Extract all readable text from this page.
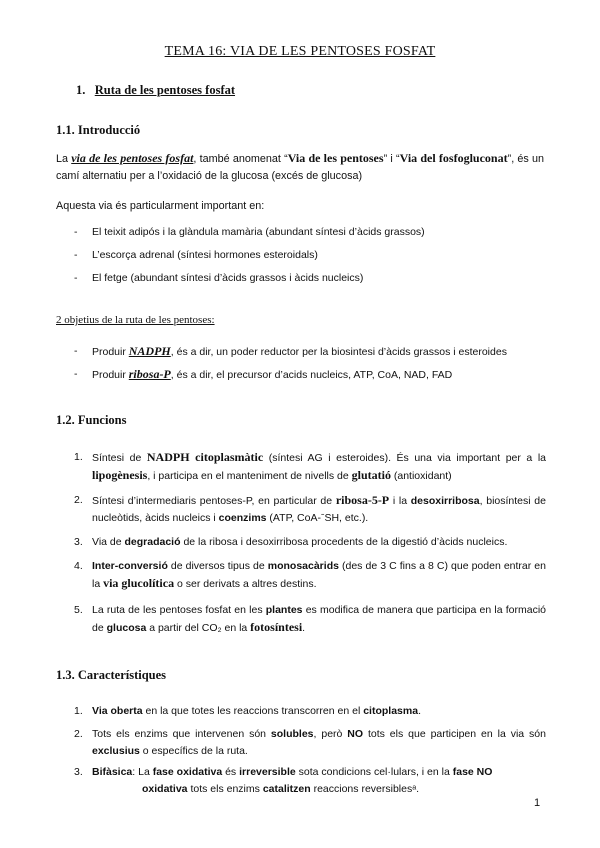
TEMA 16: VIA DE LES PENTOSES FOSFAT
1. Ruta de les pentoses fosfat
1.1. Introducció
La via de les pentoses fosfat, també anomenat “Via de les pentoses” i “Via del fosfogluconat”, és un camí alternatiu per a l’oxidació de la glucosa (excés de glucosa)
Aquesta via és particularment important en:
- El teixit adipós i la glàndula mamària (abundant síntesi d’àcids grassos)
- L’escorça adrenal (síntesi hormones esteroidals)
- El fetge (abundant síntesi d’àcids grassos i àcids nucleics)
2 objetius de la ruta de les pentoses:
- Produir NADPH, és a dir, un poder reductor per la biosintesi d’àcids grassos i esteroides
- Produir ribosa-P, és a dir, el precursor d’acids nucleics, ATP, CoA, NAD, FAD
1.2. Funcions
1. Síntesi de NADPH citoplasmàtic (síntesi AG i esteroides). És una via important per a la lipogènesis, i participa en el manteniment de nivells de glutatió (antioxidant)
2. Síntesi d’intermediaris pentoses-P, en particular de ribosa-5-P i la desoxirribosa, biosíntesi de nucleòtids, àcids nucleics i coenzims (ATP, CoA-ˉSH, etc.).
3. Via de degradació de la ribosa i desoxirribosa procedents de la digestió d’àcids nucleics.
4. Inter-conversió de diversos tipus de monosacàrids (des de 3 C fins a 8 C) que poden entrar en la via glucolítica o ser derivats a altres destins.
5. La ruta de les pentoses fosfat en les plantes es modifica de manera que participa en la formació de glucosa a partir del CO₂ en la fotosíntesi.
1.3. Característiques
1. Via oberta en la que totes les reaccions transcorren en el citoplasma.
2. Tots els enzims que intervenen són solubles, però NO tots els que participen en la via són exclusius o específics de la ruta.
3. Bifàsica: La fase oxidativa és irreversible sota condicions cel·lulars, i en la fase NO
oxidativa tots els enzims catalitzen reaccions reversiblesᵃ.
1
